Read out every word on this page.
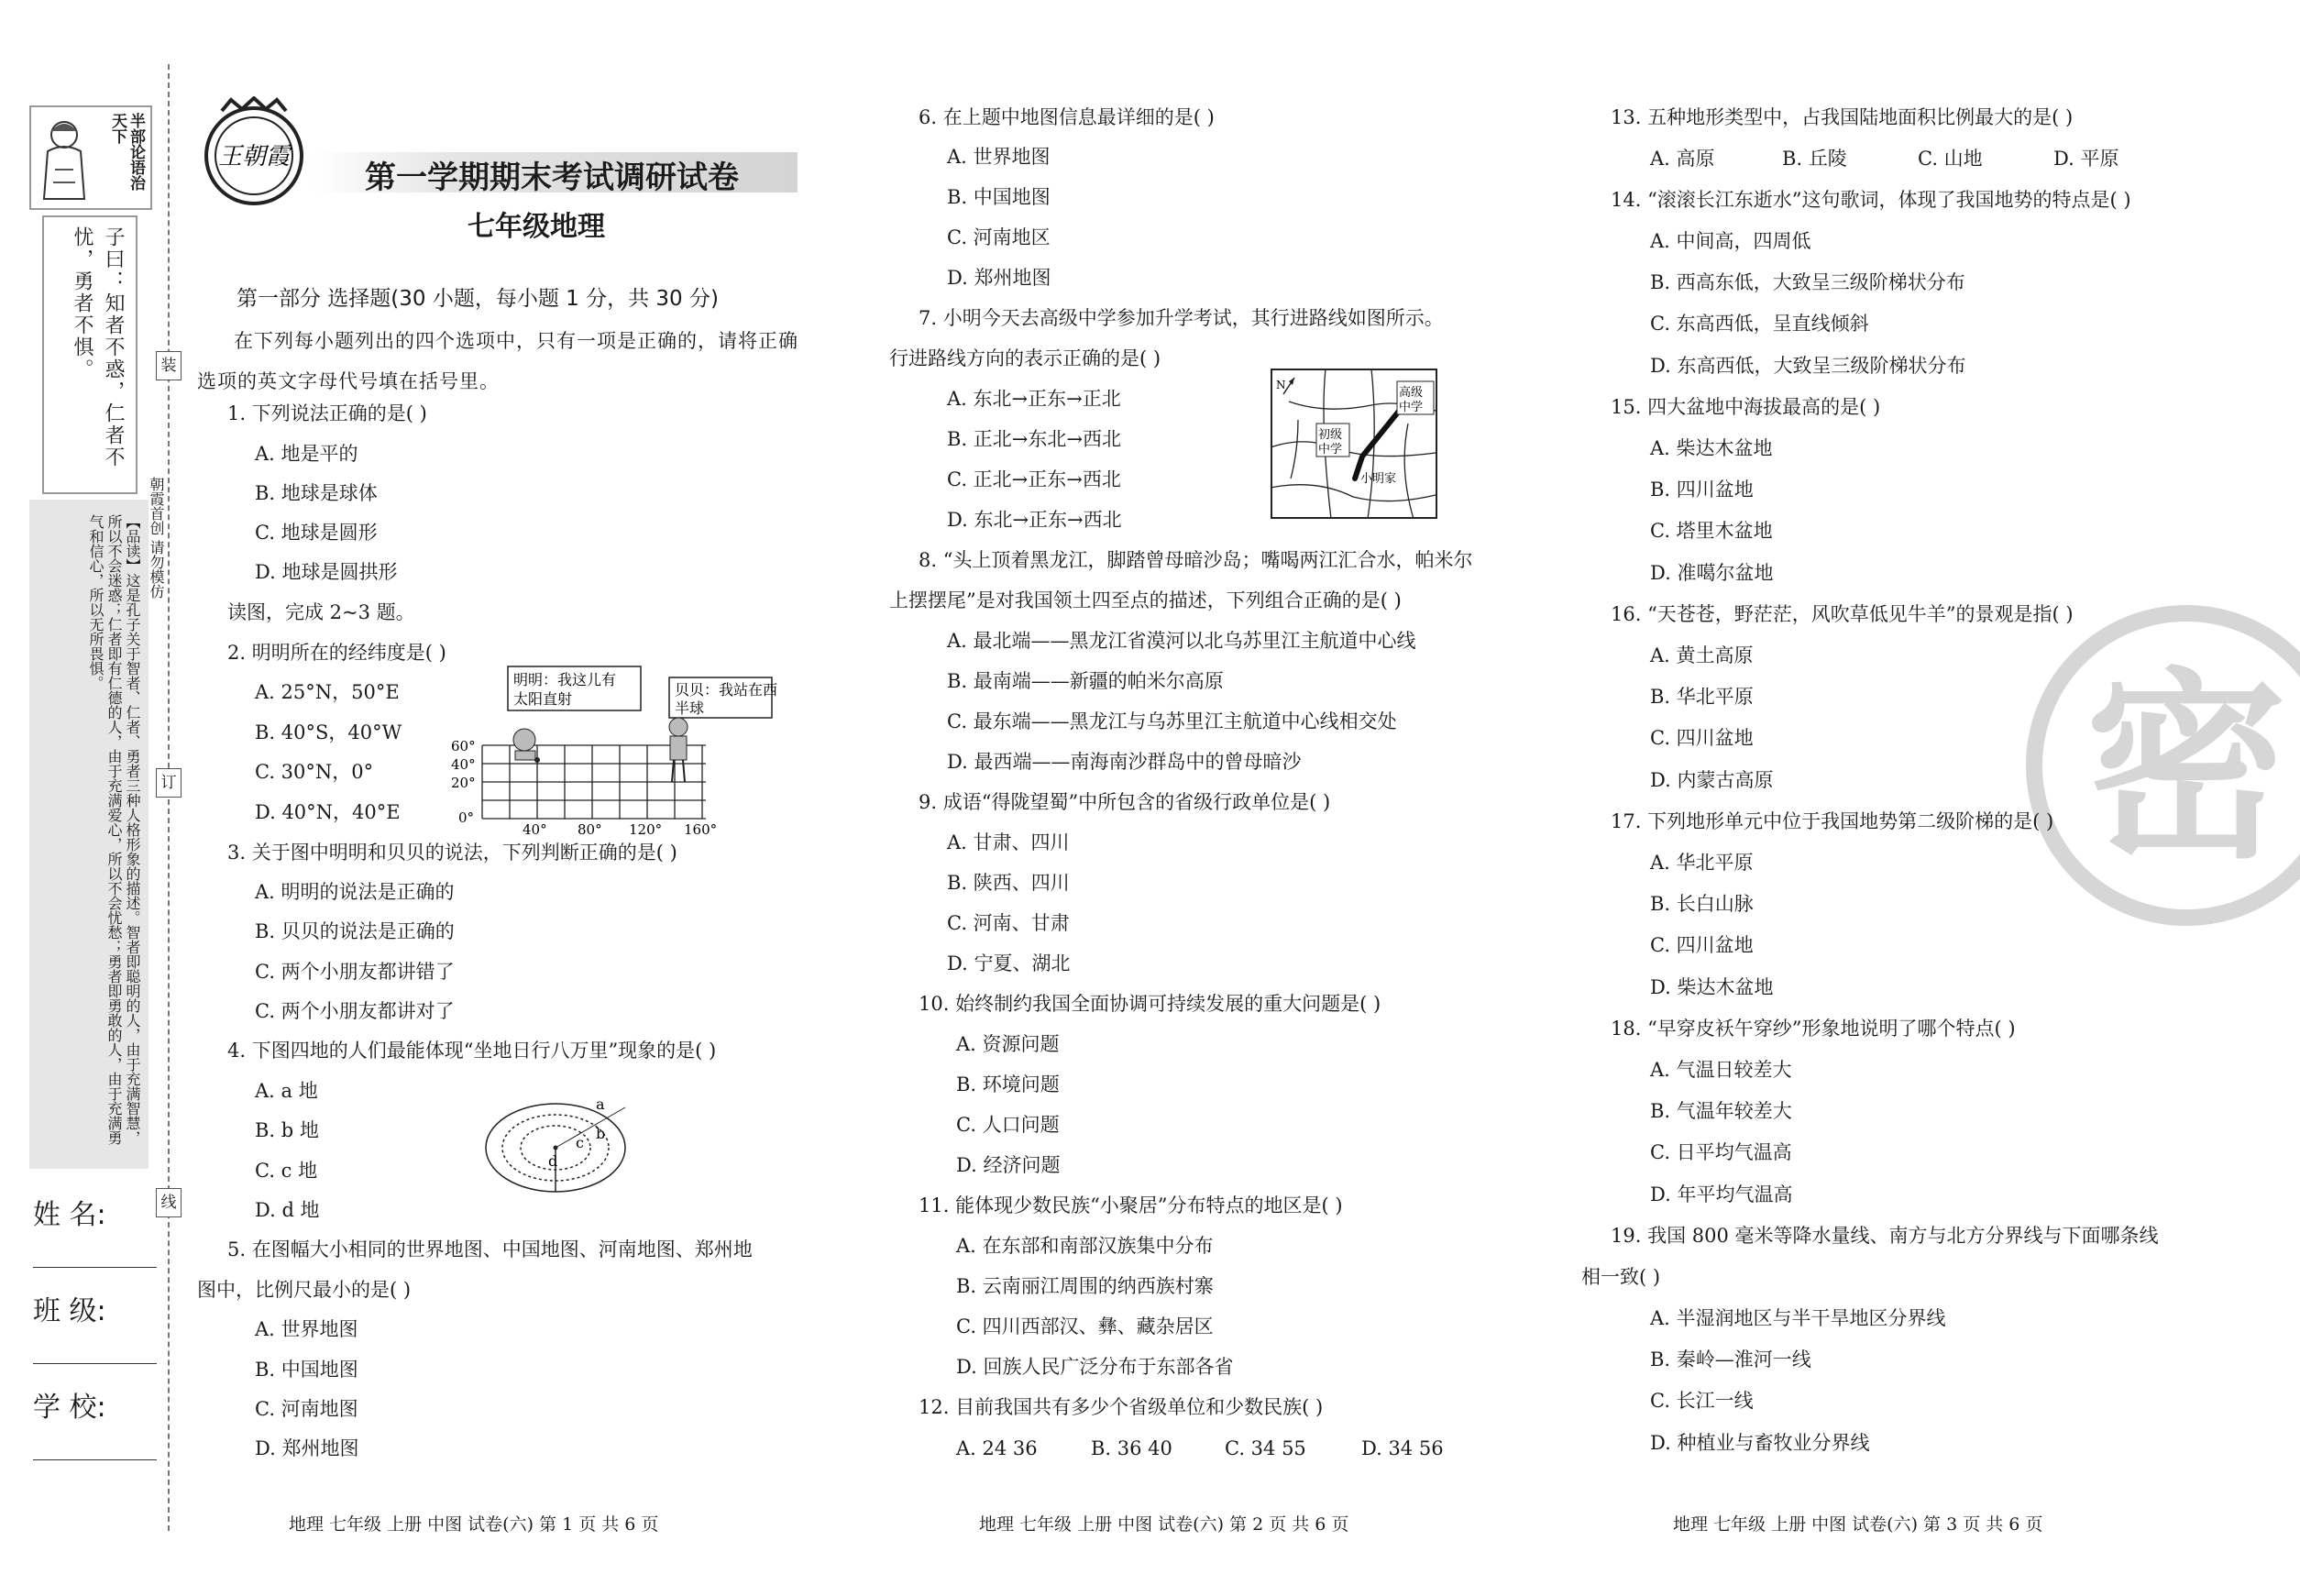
半部论语治天下
子曰：知者不惑，仁者不忧，勇者不惧。
【品读】这是孔子关于智者、仁者、勇者三种人格形象的描述。智者即聪明的人，由于充满智慧，所以不会迷惑；仁者即有仁德的人，由于充满爱心，所以不会忧愁；勇者即勇敢的人，由于充满勇气和信心，所以无所畏惧。
装
订
线
朝霞首创 请勿模仿
姓 名:
班 级:
学 校:
王朝霞
第一学期期末考试调研试卷
七年级地理
第一部分 选择题(30 小题，每小题 1 分，共 30 分)
在下列每小题列出的四个选项中，只有一项是正确的，请将正确选项的英文字母代号填在括号里。
1. 下列说法正确的是( )
A. 地是平的
B. 地球是球体
C. 地球是圆形
D. 地球是圆拱形
读图，完成 2~3 题。
2. 明明所在的经纬度是( )
A. 25°N，50°E
B. 40°S，40°W
C. 30°N，0°
D. 40°N，40°E
明明：我这儿有
太阳直射
贝贝：我站在西
半球
60°
40°
20°
0°
40° 80° 120° 160°
3. 关于图中明明和贝贝的说法，下列判断正确的是( )
A. 明明的说法是正确的
B. 贝贝的说法是正确的
C. 两个小朋友都讲错了
C. 两个小朋友都讲对了
4. 下图四地的人们最能体现“坐地日行八万里”现象的是( )
A. a 地
B. b 地
C. c 地
D. d 地
a
b
c
d
5. 在图幅大小相同的世界地图、中国地图、河南地图、郑州地
图中，比例尺最小的是( )
A. 世界地图
B. 中国地图
C. 河南地图
D. 郑州地图
地理 七年级 上册 中图 试卷(六) 第 1 页 共 6 页
6. 在上题中地图信息最详细的是( )
A. 世界地图
B. 中国地图
C. 河南地区
D. 郑州地图
7. 小明今天去高级中学参加升学考试，其行进路线如图所示。
行进路线方向的表示正确的是( )
A. 东北→正东→正北
B. 正北→东北→西北
C. 正北→正东→西北
D. 东北→正东→西北
高级
中学
初级
中学
小明家
N
8. “头上顶着黑龙江，脚踏曾母暗沙岛；嘴喝两江汇合水，帕米尔
上摆摆尾”是对我国领土四至点的描述，下列组合正确的是( )
A. 最北端——黑龙江省漠河以北乌苏里江主航道中心线
B. 最南端——新疆的帕米尔高原
C. 最东端——黑龙江与乌苏里江主航道中心线相交处
D. 最西端——南海南沙群岛中的曾母暗沙
9. 成语“得陇望蜀”中所包含的省级行政单位是( )
A. 甘肃、四川
B. 陕西、四川
C. 河南、甘肃
D. 宁夏、湖北
10. 始终制约我国全面协调可持续发展的重大问题是( )
A. 资源问题
B. 环境问题
C. 人口问题
D. 经济问题
11. 能体现少数民族“小聚居”分布特点的地区是( )
A. 在东部和南部汉族集中分布
B. 云南丽江周围的纳西族村寨
C. 四川西部汉、彝、藏杂居区
D. 回族人民广泛分布于东部各省
12. 目前我国共有多少个省级单位和少数民族( )
A. 24 36	B. 36 40	C. 34 55	D. 34 56
地理 七年级 上册 中图 试卷(六) 第 2 页 共 6 页
密
13. 五种地形类型中，占我国陆地面积比例最大的是( )
A. 高原	B. 丘陵	C. 山地	D. 平原
14. “滚滚长江东逝水”这句歌词，体现了我国地势的特点是( )
A. 中间高，四周低
B. 西高东低，大致呈三级阶梯状分布
C. 东高西低，呈直线倾斜
D. 东高西低，大致呈三级阶梯状分布
15. 四大盆地中海拔最高的是( )
A. 柴达木盆地
B. 四川盆地
C. 塔里木盆地
D. 准噶尔盆地
16. “天苍苍，野茫茫，风吹草低见牛羊”的景观是指( )
A. 黄土高原
B. 华北平原
C. 四川盆地
D. 内蒙古高原
17. 下列地形单元中位于我国地势第二级阶梯的是( )
A. 华北平原
B. 长白山脉
C. 四川盆地
D. 柴达木盆地
18. “早穿皮袄午穿纱”形象地说明了哪个特点( )
A. 气温日较差大
B. 气温年较差大
C. 日平均气温高
D. 年平均气温高
19. 我国 800 毫米等降水量线、南方与北方分界线与下面哪条线
相一致( )
A. 半湿润地区与半干旱地区分界线
B. 秦岭—淮河一线
C. 长江一线
D. 种植业与畜牧业分界线
地理 七年级 上册 中图 试卷(六) 第 3 页 共 6 页
